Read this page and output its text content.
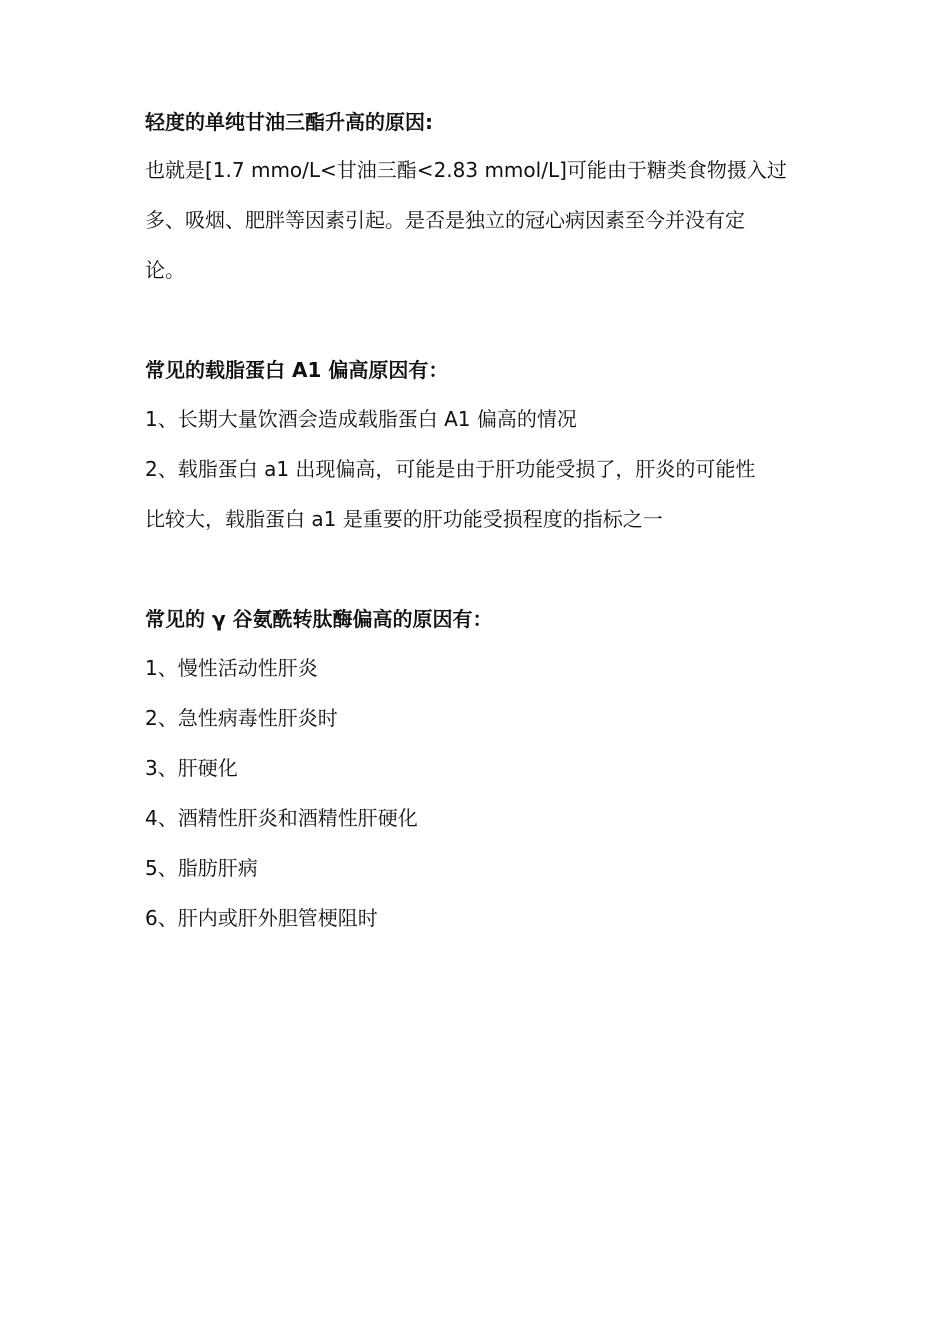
轻度的单纯甘油三酯升高的原因:
也就是[1.7 mmo/L<甘油三酯<2.83 mmol/L]可能由于糖类食物摄入过
多、吸烟、肥胖等因素引起。是否是独立的冠心病因素至今并没有定
论。
常见的载脂蛋白 A1 偏高原因有：
1、长期大量饮酒会造成载脂蛋白 A1 偏高的情况
2、载脂蛋白 a1 出现偏高，可能是由于肝功能受损了，肝炎的可能性
比较大，载脂蛋白 a1 是重要的肝功能受损程度的指标之一
常见的 γ 谷氨酰转肽酶偏高的原因有：
1、慢性活动性肝炎
2、急性病毒性肝炎时
3、肝硬化
4、酒精性肝炎和酒精性肝硬化
5、脂肪肝病
6、肝内或肝外胆管梗阻时
